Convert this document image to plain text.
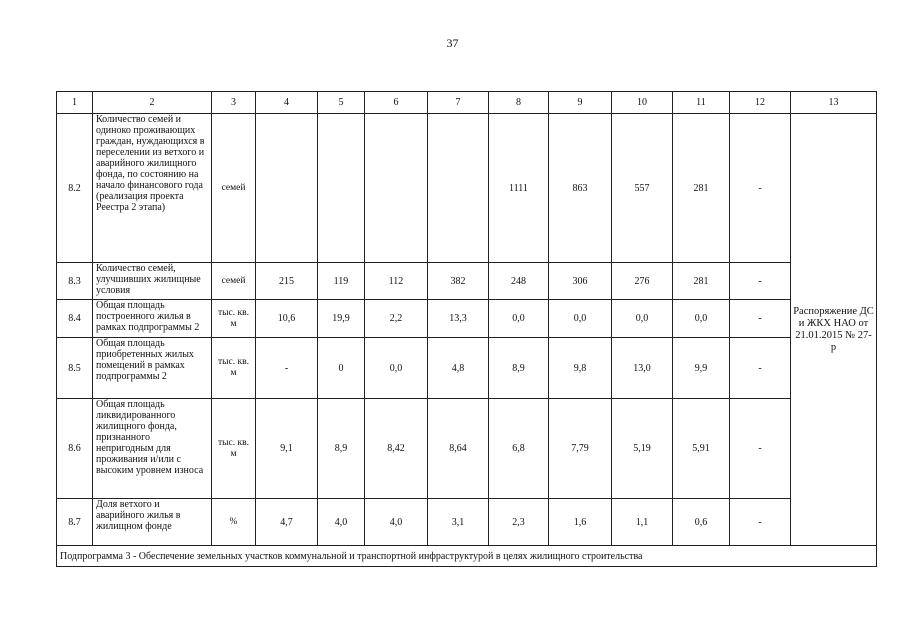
37
1	2	3	4	5	6	7	8	9	10	11	12	13
8.2	Количество семей и одиноко проживающих граждан, нуждающихся в переселении из ветхого и аварийного жилищного фонда, по состоянию на начало финансового года (реализация проекта Реестра 2 этапа)	семей					1111	863	557	281	-	Распоряжение ДС и ЖКХ НАО от 21.01.2015 № 27-р
8.3	Количество семей, улучшивших жилищные условия	семей	215	119	112	382	248	306	276	281	-	
8.4	Общая площадь построенного жилья в рамках подпрограммы 2	тыс. кв. м	10,6	19,9	2,2	13,3	0,0	0,0	0,0	0,0	-	
8.5	Общая площадь приобретенных жилых помещений в рамках подпрограммы 2	тыс. кв. м	-	0	0,0	4,8	8,9	9,8	13,0	9,9	-	
8.6	Общая площадь ликвидированного жилищного фонда, признанного непригодным для проживания и/или с высоким уровнем износа	тыс. кв. м	9,1	8,9	8,42	8,64	6,8	7,79	5,19	5,91	-	
8.7	Доля ветхого и аварийного жилья в жилищном фонде	%	4,7	4,0	4,0	3,1	2,3	1,6	1,1	0,6	-	
Подпрограмма 3 - Обеспечение земельных участков коммунальной и транспортной инфраструктурой в целях жилищного строительства												
